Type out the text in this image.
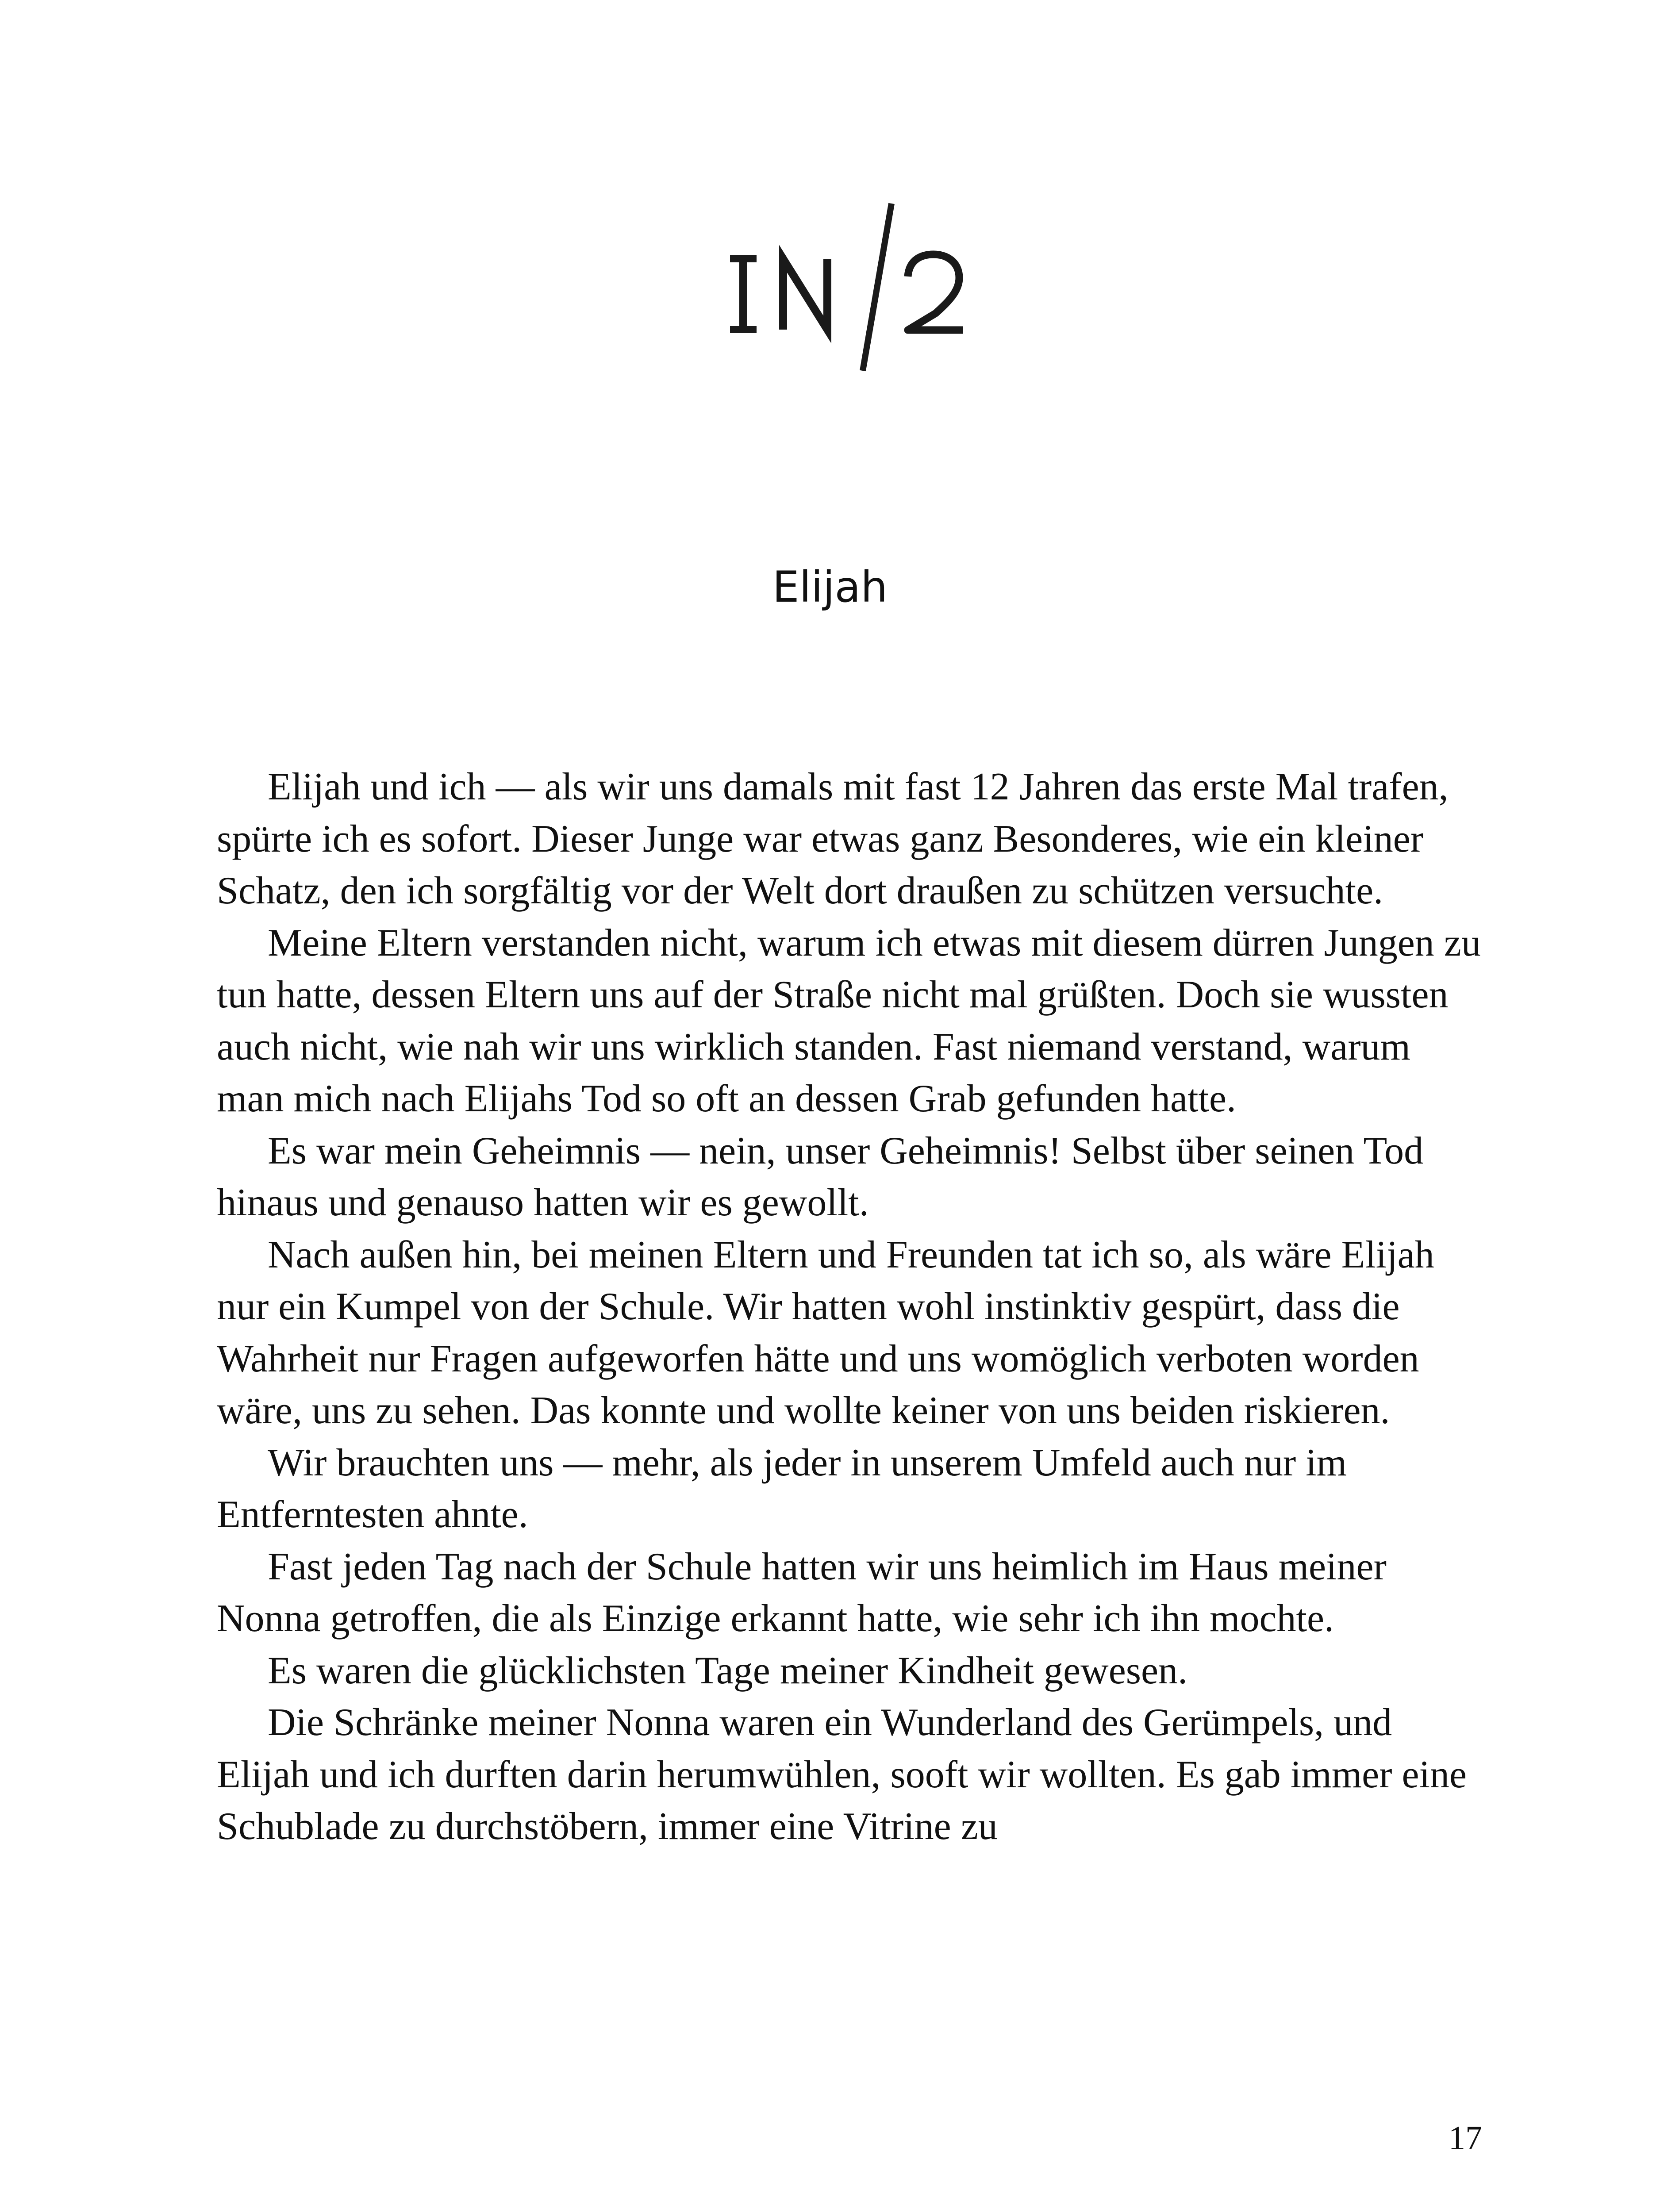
Elijah

Elijah und ich — als wir uns damals mit fast 12 Jahren das erste Mal trafen, spürte ich es sofort. Dieser Junge war etwas ganz Besonderes, wie ein kleiner Schatz, den ich sorgfältig vor der Welt dort draußen zu schützen versuchte.

Meine Eltern verstanden nicht, warum ich etwas mit diesem dürren Jungen zu tun hatte, dessen Eltern uns auf der Straße nicht mal grüßten. Doch sie wussten auch nicht, wie nah wir uns wirklich standen. Fast niemand verstand, warum man mich nach Elijahs Tod so oft an dessen Grab gefunden hatte.

Es war mein Geheimnis — nein, unser Geheimnis! Selbst über seinen Tod hinaus und genauso hatten wir es gewollt.

Nach außen hin, bei meinen Eltern und Freunden tat ich so, als wäre Elijah nur ein Kumpel von der Schule. Wir hatten wohl instinktiv gespürt, dass die Wahrheit nur Fragen aufgeworfen hätte und uns womöglich verboten worden wäre, uns zu sehen. Das konnte und wollte keiner von uns beiden riskieren.

Wir brauchten uns — mehr, als jeder in unserem Umfeld auch nur im Entferntesten ahnte.

Fast jeden Tag nach der Schule hatten wir uns heimlich im Haus meiner Nonna getroffen, die als Einzige erkannt hatte, wie sehr ich ihn mochte.

Es waren die glücklichsten Tage meiner Kindheit gewesen.

Die Schränke meiner Nonna waren ein Wunderland des Gerümpels, und Elijah und ich durften darin herumwühlen, sooft wir wollten. Es gab immer eine Schublade zu durchstöbern, immer eine Vitrine zu

17
